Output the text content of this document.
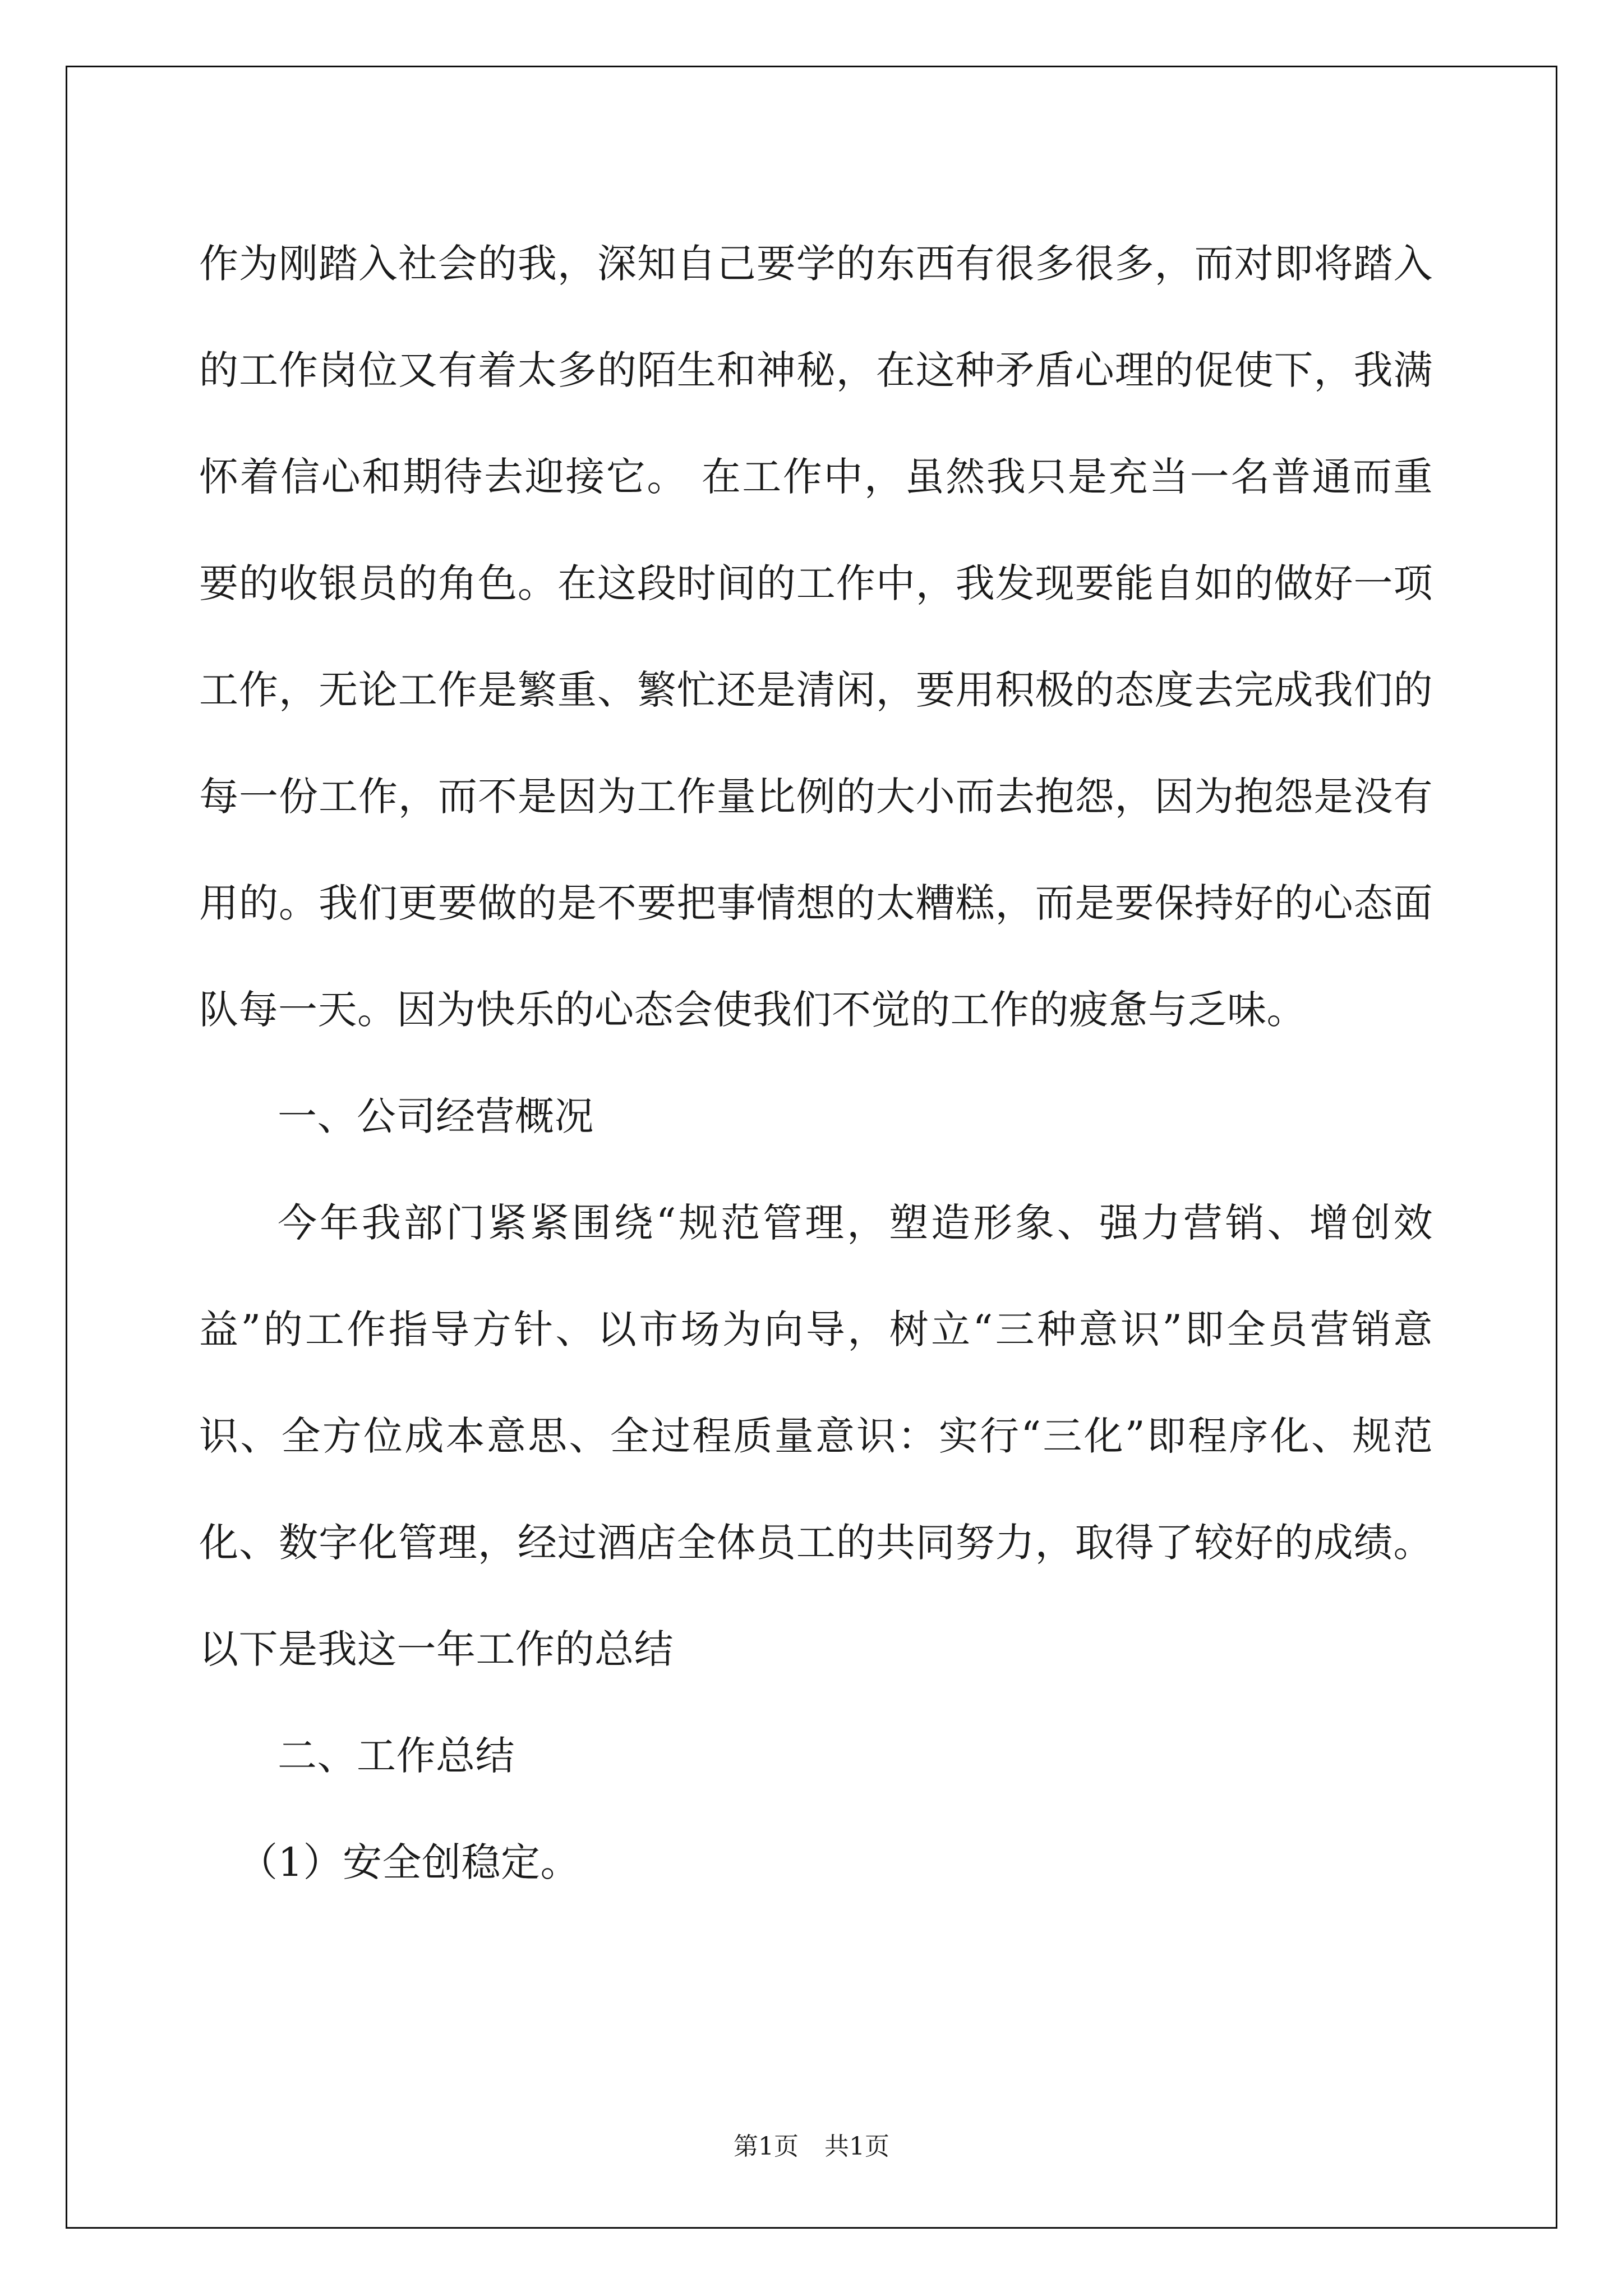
作为刚踏入社会的我，深知自己要学的东西有很多很多，而对即将踏入的工作岗位又有着太多的陌生和神秘，在这种矛盾心理的促使下，我满怀着信心和期待去迎接它。 在工作中，虽然我只是充当一名普通而重要的收银员的角色。在这段时间的工作中，我发现要能自如的做好一项工作，无论工作是繁重、繁忙还是清闲，要用积极的态度去完成我们的每一份工作，而不是因为工作量比例的大小而去抱怨，因为抱怨是没有用的。我们更要做的是不要把事情想的太糟糕，而是要保持好的心态面队每一天。因为快乐的心态会使我们不觉的工作的疲惫与乏味。

一、公司经营概况

今年我部门紧紧围绕“规范管理，塑造形象、强力营销、增创效益”的工作指导方针、以市场为向导，树立“三种意识”即全员营销意识、全方位成本意思、全过程质量意识：实行“三化”即程序化、规范化、数字化管理，经过酒店全体员工的共同努力，取得了较好的成绩。以下是我这一年工作的总结

二、工作总结

（1）安全创稳定。

第1页 共1页
